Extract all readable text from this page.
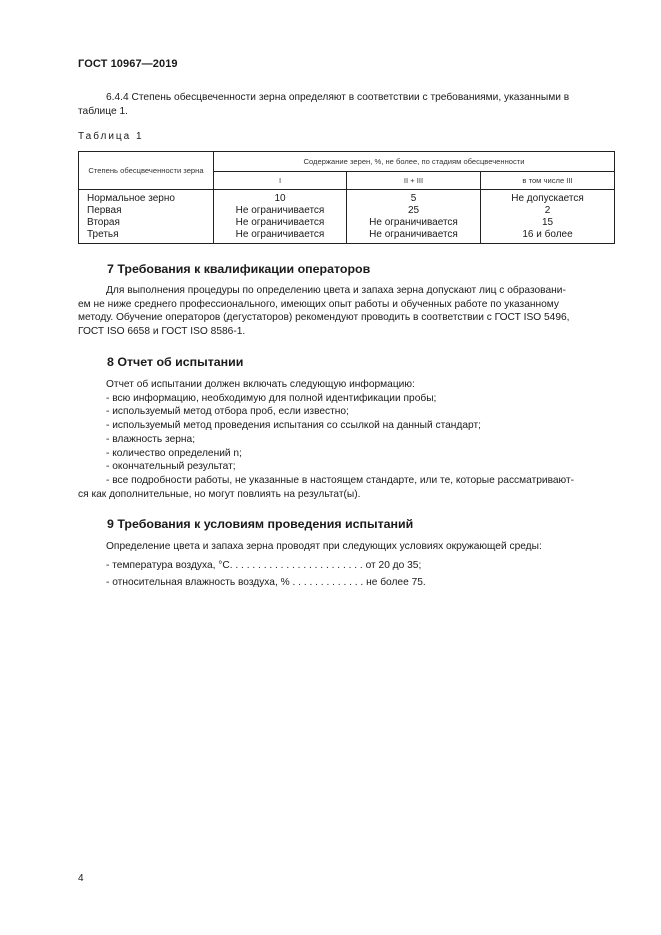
ГОСТ 10967—2019
6.4.4 Степень обесцвеченности зерна определяют в соответствии с требованиями, указанными в
таблице 1.
Таблица 1
Степень обесцвеченности зерна	Содержание зерен, %, не более, по стадиям обесцвеченности		
	I	II + III	в том числе III
Нормальное зерно	10	5	Не допускается
Первая	Не ограничивается	25	2
Вторая	Не ограничивается	Не ограничивается	15
Третья	Не ограничивается	Не ограничивается	16 и более
7 Требования к квалификации операторов
Для выполнения процедуры по определению цвета и запаха зерна допускают лиц с образовани-
ем не ниже среднего профессионального, имеющих опыт работы и обученных работе по указанному
методу. Обучение операторов (дегустаторов) рекомендуют проводить в соответствии с ГОСТ ISO 5496,
ГОСТ ISO 6658 и ГОСТ ISO 8586-1.
8 Отчет об испытании
Отчет об испытании должен включать следующую информацию:
- всю информацию, необходимую для полной идентификации пробы;
- используемый метод отбора проб, если известно;
- используемый метод проведения испытания со ссылкой на данный стандарт;
- влажность зерна;
- количество определений n;
- окончательный результат;
- все подробности работы, не указанные в настоящем стандарте, или те, которые рассматривают-
ся как дополнительные, но могут повлиять на результат(ы).
9 Требования к условиям проведения испытаний
Определение цвета и запаха зерна проводят при следующих условиях окружающей среды:
- температура воздуха, °С. . . . . . . . . . . . . . . . . . . . . . . . от 20 до 35;
- относительная влажность воздуха, % . . . . . . . . . . . . . не более 75.
4
